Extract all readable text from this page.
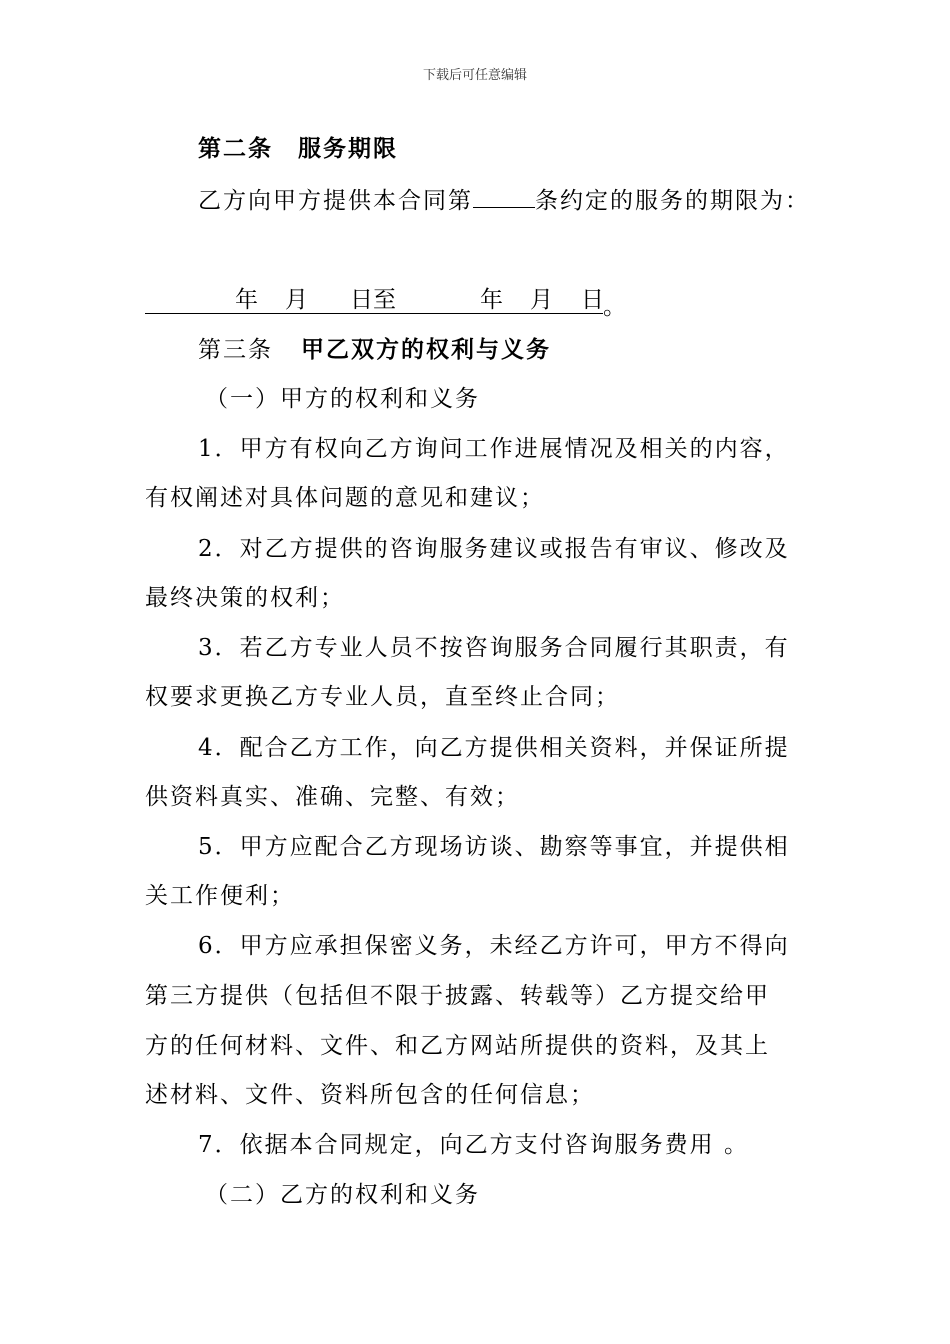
下载后可任意编辑
第二条　服务期限
乙方向甲方提供本合同第	条约定的服务的期限为：
年 月 日至	年 月 日 。
第三条 甲乙双方的权利与义务
（一）甲方的权利和义务
1．甲方有权向乙方询问工作进展情况及相关的内容，
有权阐述对具体问题的意见和建议；
2．对乙方提供的咨询服务建议或报告有审议、修改及
最终决策的权利；
3．若乙方专业人员不按咨询服务合同履行其职责，有
权要求更换乙方专业人员，直至终止合同；
4．配合乙方工作，向乙方提供相关资料，并保证所提
供资料真实、准确、完整、有效；
5．甲方应配合乙方现场访谈、勘察等事宜，并提供相
关工作便利；
6．甲方应承担保密义务，未经乙方许可，甲方不得向
第三方提供（包括但不限于披露、转载等）乙方提交给甲
方的任何材料、文件、和乙方网站所提供的资料，及其上
述材料、文件、资料所包含的任何信息；
7．依据本合同规定，向乙方支付咨询服务费用 。
（二）乙方的权利和义务
